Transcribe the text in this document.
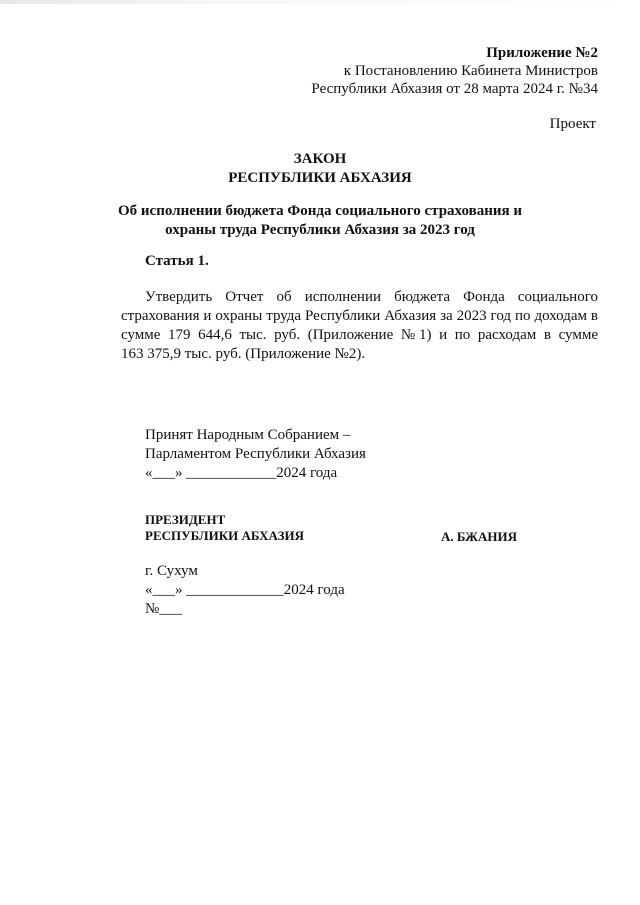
Приложение №2
к Постановлению Кабинета Министров
Республики Абхазия от 28 марта 2024 г. №34
Проект
ЗАКОН
РЕСПУБЛИКИ АБХАЗИЯ
Об исполнении бюджета Фонда социального страхования и
охраны труда Республики Абхазия за 2023 год
Статья 1.
Утвердить Отчет об исполнении бюджета Фонда социального
страхования и охраны труда Республики Абхазия за 2023 год по доходам в
сумме 179 644,6 тыс. руб. (Приложение №1) и по расходам в сумме
163 375,9 тыс. руб. (Приложение №2).
Принят Народным Собранием –
Парламентом Республики Абхазия
«___» ____________2024 года
ПРЕЗИДЕНТ
РЕСПУБЛИКИ АБХАЗИЯ	А. БЖАНИЯ
г. Сухум
«___» _____________2024 года
№___
